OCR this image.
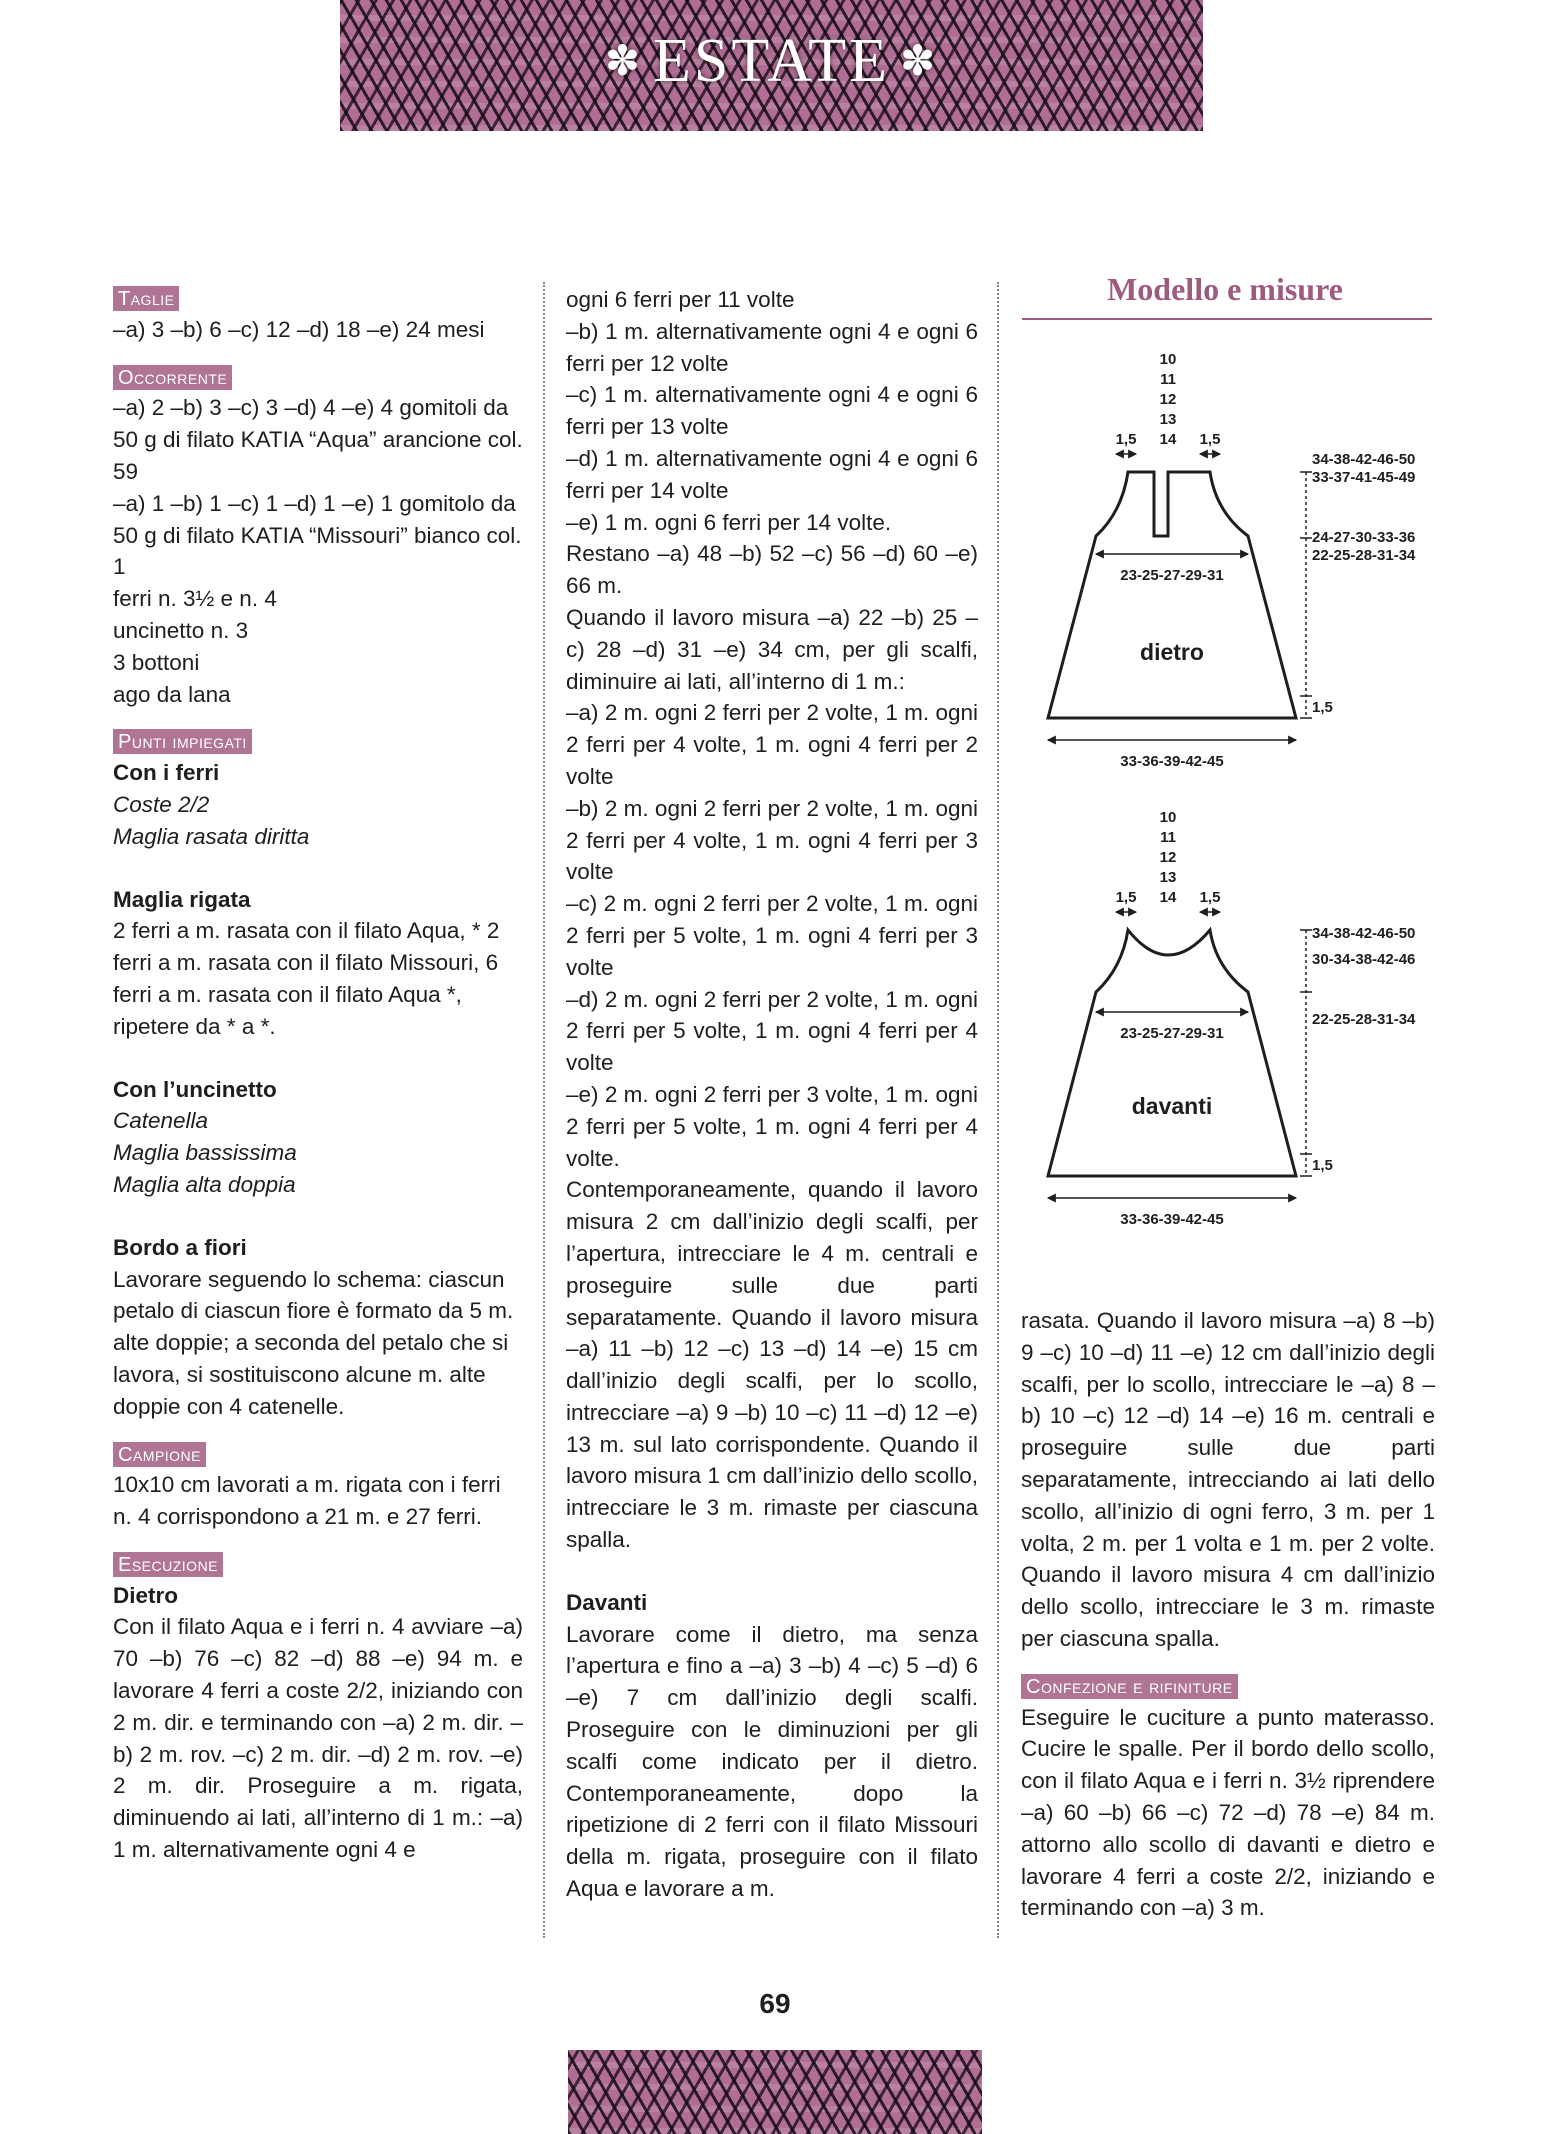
✽ ESTATE ✽
Taglie

–a) 3 –b) 6 –c) 12 –d) 18 –e) 24 mesi

Occorrente

–a) 2 –b) 3 –c) 3 –d) 4 –e) 4 gomitoli da 50 g di filato KATIA “Aqua” arancione col. 59

–a) 1 –b) 1 –c) 1 –d) 1 –e) 1 gomitolo da 50 g di filato KATIA “Missouri” bianco col. 1

ferri n. 3½ e n. 4

uncinetto n. 3

3 bottoni

ago da lana

Punti impiegati

Con i ferri

Coste 2/2

Maglia rasata diritta

Maglia rigata

2 ferri a m. rasata con il filato Aqua, * 2 ferri a m. rasata con il filato Missouri, 6 ferri a m. rasata con il filato Aqua *, ripetere da * a *.

Con l’uncinetto

Catenella

Maglia bassissima

Maglia alta doppia

Bordo a fiori

Lavorare seguendo lo schema: ciascun petalo di ciascun fiore è formato da 5 m. alte doppie; a seconda del petalo che si lavora, si sostituiscono alcune m. alte doppie con 4 catenelle.

Campione

10x10 cm lavorati a m. rigata con i ferri n. 4 corrispondono a 21 m. e 27 ferri.

Esecuzione

Dietro

Con il filato Aqua e i ferri n. 4 avviare –a) 70 –b) 76 –c) 82 –d) 88 –e) 94 m. e lavorare 4 ferri a coste 2/2, iniziando con 2 m. dir. e terminando con –a) 2 m. dir. –b) 2 m. rov. –c) 2 m. dir. –d) 2 m. rov. –e) 2 m. dir. Proseguire a m. rigata, diminuendo ai lati, all’interno di 1 m.: –a) 1 m. alternativamente ogni 4 e

ogni 6 ferri per 11 volte

–b) 1 m. alternativamente ogni 4 e ogni 6 ferri per 12 volte

–c) 1 m. alternativamente ogni 4 e ogni 6 ferri per 13 volte

–d) 1 m. alternativamente ogni 4 e ogni 6 ferri per 14 volte

–e) 1 m. ogni 6 ferri per 14 volte.

Restano –a) 48 –b) 52 –c) 56 –d) 60 –e) 66 m.

Quando il lavoro misura –a) 22 –b) 25 –c) 28 –d) 31 –e) 34 cm, per gli scalfi, diminuire ai lati, all’interno di 1 m.:

–a) 2 m. ogni 2 ferri per 2 volte, 1 m. ogni 2 ferri per 4 volte, 1 m. ogni 4 ferri per 2 volte

–b) 2 m. ogni 2 ferri per 2 volte, 1 m. ogni 2 ferri per 4 volte, 1 m. ogni 4 ferri per 3 volte

–c) 2 m. ogni 2 ferri per 2 volte, 1 m. ogni 2 ferri per 5 volte, 1 m. ogni 4 ferri per 3 volte

–d) 2 m. ogni 2 ferri per 2 volte, 1 m. ogni 2 ferri per 5 volte, 1 m. ogni 4 ferri per 4 volte

–e) 2 m. ogni 2 ferri per 3 volte, 1 m. ogni 2 ferri per 5 volte, 1 m. ogni 4 ferri per 4 volte.

Contemporaneamente, quando il lavoro misura 2 cm dall’inizio degli scalfi, per l’apertura, intrecciare le 4 m. centrali e proseguire sulle due parti separatamente. Quando il lavoro misura –a) 11 –b) 12 –c) 13 –d) 14 –e) 15 cm dall’inizio degli scalfi, per lo scollo, intrecciare –a) 9 –b) 10 –c) 11 –d) 12 –e) 13 m. sul lato corrispondente. Quando il lavoro misura 1 cm dall’inizio dello scollo, intrecciare le 3 m. rimaste per ciascuna spalla.

Davanti

Lavorare come il dietro, ma senza l’apertura e fino a –a) 3 –b) 4 –c) 5 –d) 6 –e) 7 cm dall’inizio degli scalfi. Proseguire con le diminuzioni per gli scalfi come indicato per il dietro. Contemporaneamente, dopo la ripetizione di 2 ferri con il filato Missouri della m. rigata, proseguire con il filato Aqua e lavorare a m.

Modello e misure
10
11
12
13
14
1,5	1,5
23-25-27-29-31
dietro
33-36-39-42-45
34-38-42-46-50
33-37-41-45-49
24-27-30-33-36
22-25-28-31-34
1,5
10
11
12
13
14
1,5	1,5
23-25-27-29-31
davanti
33-36-39-42-45
34-38-42-46-50
30-34-38-42-46
22-25-28-31-34
1,5

rasata. Quando il lavoro misura –a) 8 –b) 9 –c) 10 –d) 11 –e) 12 cm dall’inizio degli scalfi, per lo scollo, intrecciare le –a) 8 –b) 10 –c) 12 –d) 14 –e) 16 m. centrali e proseguire sulle due parti separatamente, intrecciando ai lati dello scollo, all’inizio di ogni ferro, 3 m. per 1 volta, 2 m. per 1 volta e 1 m. per 2 volte. Quando il lavoro misura 4 cm dall’inizio dello scollo, intrecciare le 3 m. rimaste per ciascuna spalla.

Confezione e rifiniture

Eseguire le cuciture a punto materasso. Cucire le spalle. Per il bordo dello scollo, con il filato Aqua e i ferri n. 3½ riprendere –a) 60 –b) 66 –c) 72 –d) 78 –e) 84 m. attorno allo scollo di davanti e dietro e lavorare 4 ferri a coste 2/2, iniziando e terminando con –a) 3 m.

69
